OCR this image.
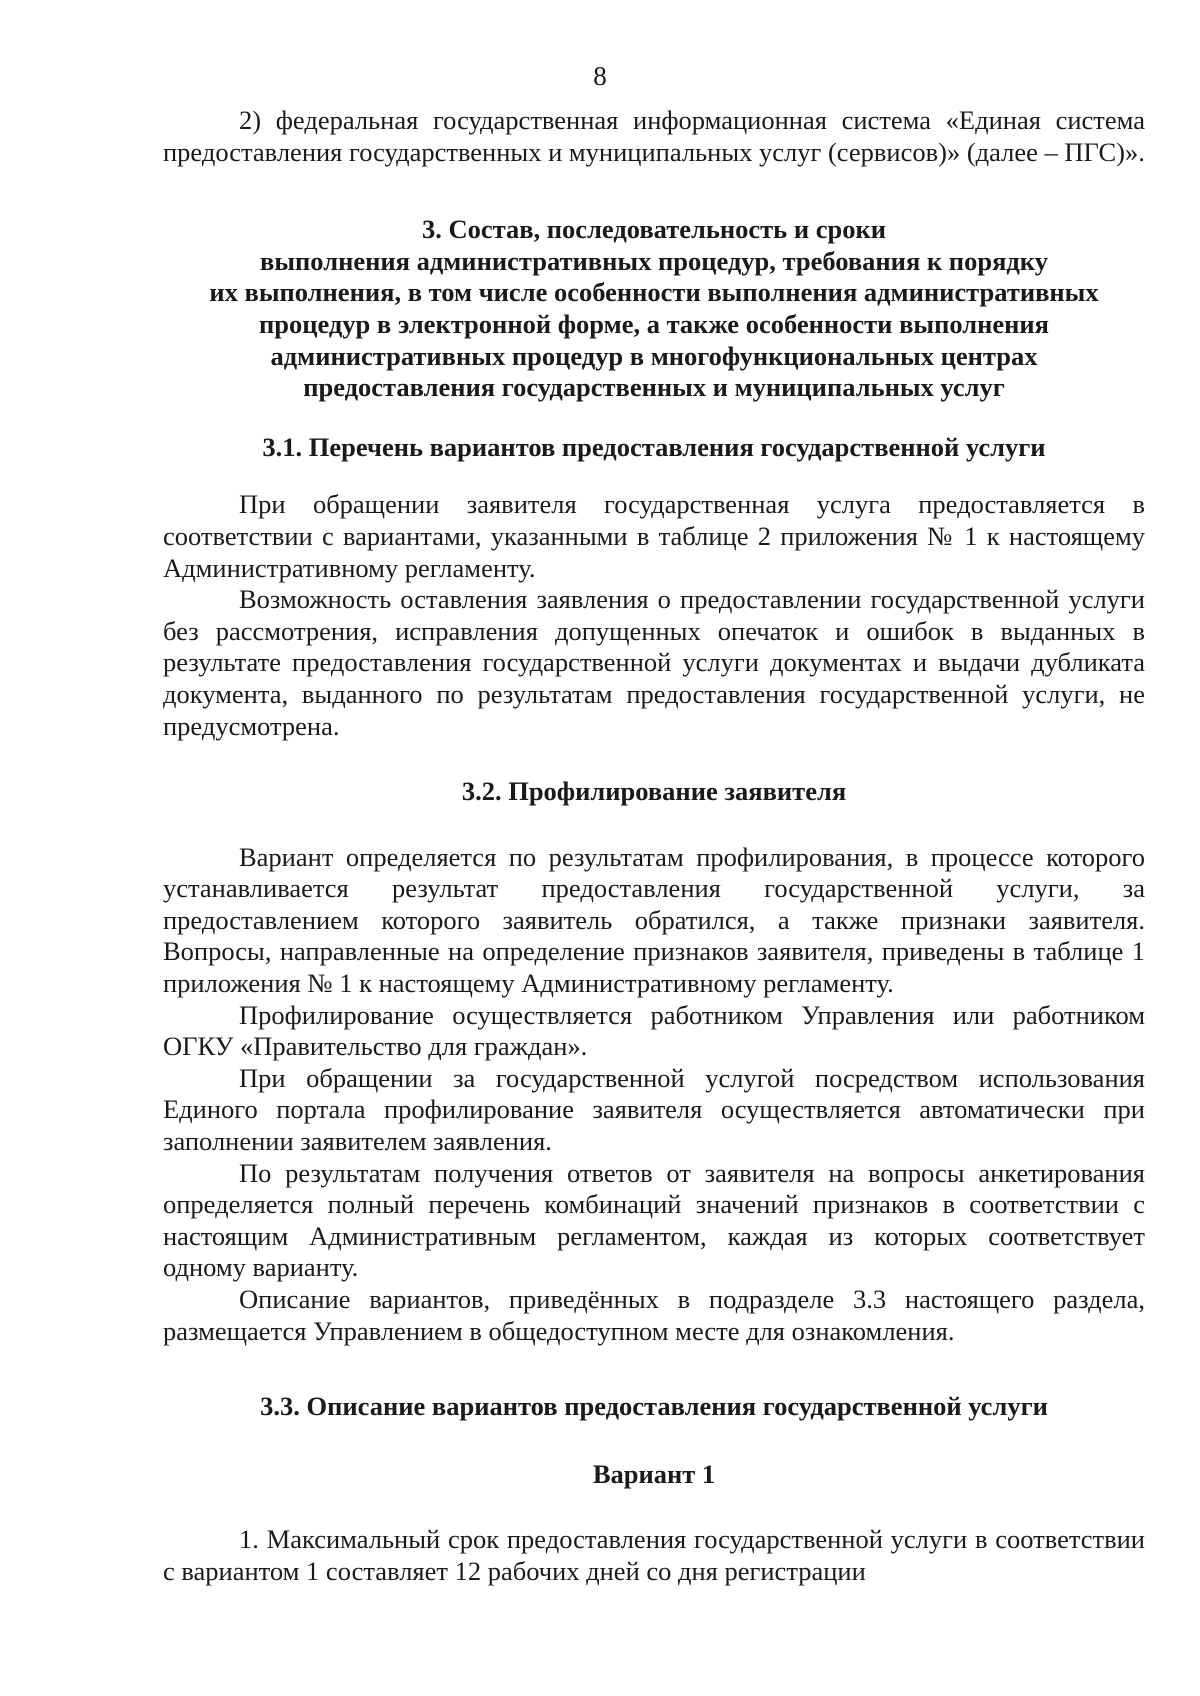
8

2) федеральная государственная информационная система «Единая система предоставления государственных и муниципальных услуг (сервисов)» (далее – ПГС)».

3. Состав, последовательность и сроки
выполнения административных процедур, требования к порядку
их выполнения, в том числе особенности выполнения административных
процедур в электронной форме, а также особенности выполнения
административных процедур в многофункциональных центрах
предоставления государственных и муниципальных услуг
3.1. Перечень вариантов предоставления государственной услуги

При обращении заявителя государственная услуга предоставляется в соответствии с вариантами, указанными в таблице 2 приложения № 1 к настоящему Административному регламенту.

Возможность оставления заявления о предоставлении государственной услуги без рассмотрения, исправления допущенных опечаток и ошибок в выданных в результате предоставления государственной услуги документах и выдачи дубликата документа, выданного по результатам предоставления государственной услуги, не предусмотрена.

3.2. Профилирование заявителя

Вариант определяется по результатам профилирования, в процессе которого устанавливается результат предоставления государственной услуги, за предоставлением которого заявитель обратился, а также признаки заявителя. Вопросы, направленные на определение признаков заявителя, приведены в таблице 1 приложения № 1 к настоящему Административному регламенту.

Профилирование осуществляется работником Управления или работником ОГКУ «Правительство для граждан».

При обращении за государственной услугой посредством использования Единого портала профилирование заявителя осуществляется автоматически при заполнении заявителем заявления.

По результатам получения ответов от заявителя на вопросы анкетирования определяется полный перечень комбинаций значений признаков в соответствии с настоящим Административным регламентом, каждая из которых соответствует одному варианту.

Описание вариантов, приведённых в подразделе 3.3 настоящего раздела, размещается Управлением в общедоступном месте для ознакомления.

3.3. Описание вариантов предоставления государственной услуги
Вариант 1

1. Максимальный срок предоставления государственной услуги в соответствии с вариантом 1 составляет 12 рабочих дней со дня регистрации
